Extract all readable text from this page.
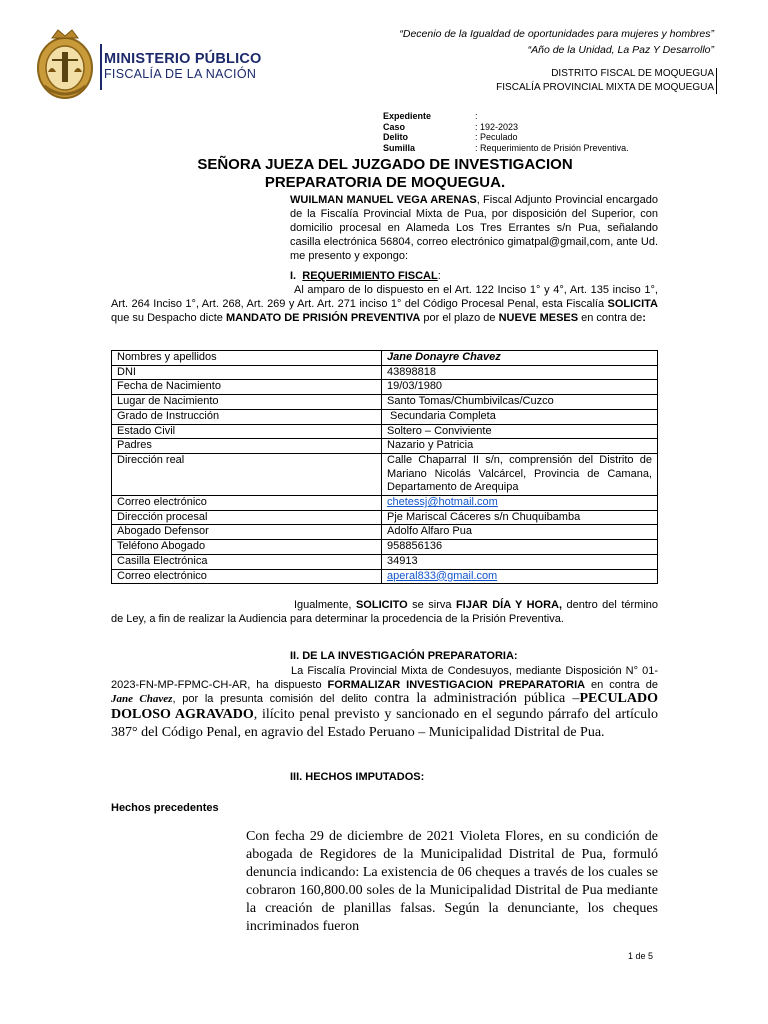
MINISTERIO PÚBLICO
FISCALÍA DE LA NACIÓN
“Decenio de la Igualdad de oportunidades para mujeres y hombres”
“Año de la Unidad, La Paz Y Desarrollo”
DISTRITO FISCAL DE MOQUEGUA
FISCALÍA PROVINCIAL MIXTA DE MOQUEGUA
Expediente	:
Caso	: 192-2023
Delito	: Peculado
Sumilla	: Requerimiento de Prisión Preventiva.
SEÑORA JUEZA DEL JUZGADO DE INVESTIGACION
PREPARATORIA DE MOQUEGUA.
WUILMAN MANUEL VEGA ARENAS, Fiscal Adjunto Provincial encargado de la Fiscalía Provincial Mixta de Pua, por disposición del Superior, con domicilio procesal en Alameda Los Tres Errantes s/n Pua, señalando casilla electrónica 56804, correo electrónico gimatpal@gmail,com, ante Ud. me presento y expongo:
I. REQUERIMIENTO FISCAL:
Al amparo de lo dispuesto en el Art. 122 Inciso 1° y 4°, Art. 135 inciso 1°, Art. 264 Inciso 1°, Art. 268, Art. 269 y Art. Art. 271 inciso 1° del Código Procesal Penal, esta Fiscalía SOLICITA que su Despacho dicte MANDATO DE PRISIÓN PREVENTIVA por el plazo de NUEVE MESES en contra de:
Nombres y apellidos	Jane Donayre Chavez
DNI	43898818
Fecha de Nacimiento	19/03/1980
Lugar de Nacimiento	Santo Tomas/Chumbivilcas/Cuzco
Grado de Instrucción	Secundaria Completa
Estado Civil	Soltero – Conviviente
Padres	Nazario y Patricia
Dirección real	Calle Chaparral II s/n, comprensión del Distrito de Mariano Nicolás Valcárcel, Provincia de Camana, Departamento de Arequipa
Correo electrónico	chetessj@hotmail.com
Dirección procesal	Pje Mariscal Cáceres s/n Chuquibamba
Abogado Defensor	Adolfo Alfaro Pua
Teléfono Abogado	958856136
Casilla Electrónica	34913
Correo electrónico	aperal833@gmail.com
Igualmente, SOLICITO se sirva FIJAR DÍA Y HORA, dentro del término de Ley, a fin de realizar la Audiencia para determinar la procedencia de la Prisión Preventiva.
II. DE LA INVESTIGACIÓN PREPARATORIA:
La Fiscalía Provincial Mixta de Condesuyos, mediante Disposición N° 01-2023-FN-MP-FPMC-CH-AR, ha dispuesto FORMALIZAR INVESTIGACION PREPARATORIA en contra de Jane Chavez, por la presunta comisión del delito contra la administración pública –PECULADO DOLOSO AGRAVADO, ilícito penal previsto y sancionado en el segundo párrafo del artículo 387° del Código Penal, en agravio del Estado Peruano – Municipalidad Distrital de Pua.
III. HECHOS IMPUTADOS:
Hechos precedentes
Con fecha 29 de diciembre de 2021 Violeta Flores, en su condición de abogada de Regidores de la Municipalidad Distrital de Pua, formuló denuncia indicando: La existencia de 06 cheques a través de los cuales se cobraron 160,800.00 soles de la Municipalidad Distrital de Pua mediante la creación de planillas falsas. Según la denunciante, los cheques incriminados fueron
1 de 5
